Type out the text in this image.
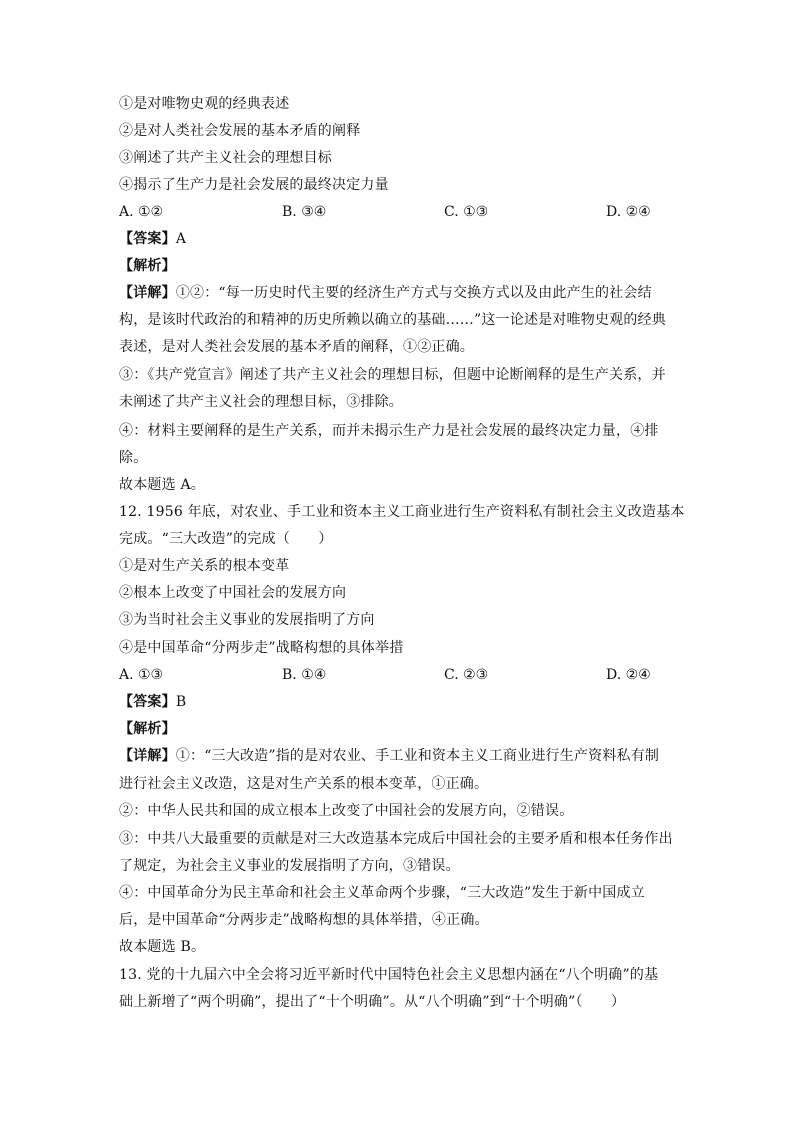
①是对唯物史观的经典表述
②是对人类社会发展的基本矛盾的阐释
③阐述了共产主义社会的理想目标
④揭示了生产力是社会发展的最终决定力量
A. ①②	B. ③④	C. ①③	D. ②④
【答案】A
【解析】
【详解】①②：“每一历史时代主要的经济生产方式与交换方式以及由此产生的社会结
构，是该时代政治的和精神的历史所赖以确立的基础……”这一论述是对唯物史观的经典
表述，是对人类社会发展的基本矛盾的阐释，①②正确。
③：《共产党宣言》阐述了共产主义社会的理想目标，但题中论断阐释的是生产关系，并
未阐述了共产主义社会的理想目标，③排除。
④：材料主要阐释的是生产关系，而并未揭示生产力是社会发展的最终决定力量，④排
除。
故本题选 A。
12. 1956 年底，对农业、手工业和资本主义工商业进行生产资料私有制社会主义改造基本
完成。“三大改造”的完成（　　）
①是对生产关系的根本变革
②根本上改变了中国社会的发展方向
③为当时社会主义事业的发展指明了方向
④是中国革命“分两步走”战略构想的具体举措
A. ①③	B. ①④	C. ②③	D. ②④
【答案】B
【解析】
【详解】①：“三大改造”指的是对农业、手工业和资本主义工商业进行生产资料私有制
进行社会主义改造，这是对生产关系的根本变革，①正确。
②：中华人民共和国的成立根本上改变了中国社会的发展方向，②错误。
③：中共八大最重要的贡献是对三大改造基本完成后中国社会的主要矛盾和根本任务作出
了规定，为社会主义事业的发展指明了方向，③错误。
④：中国革命分为民主革命和社会主义革命两个步骤，“三大改造”发生于新中国成立
后，是中国革命“分两步走”战略构想的具体举措，④正确。
故本题选 B。
13. 党的十九届六中全会将习近平新时代中国特色社会主义思想内涵在“八个明确”的基
础上新增了“两个明确”，提出了“十个明确”。从“八个明确”到“十个明确”（　　）
